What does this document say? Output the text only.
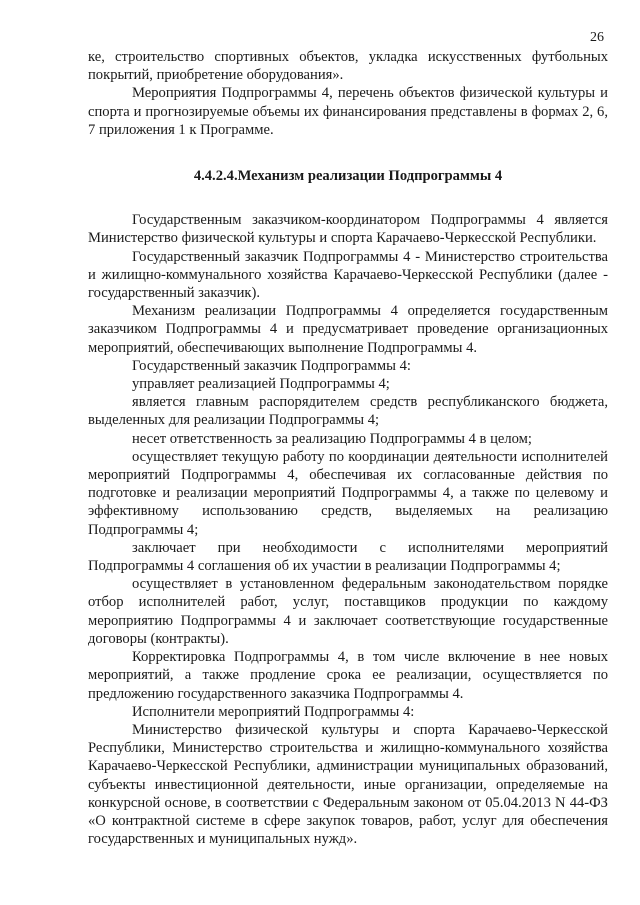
26

ке, строительство спортивных объектов, укладка искусственных футбольных покрытий, приобретение оборудования».

Мероприятия Подпрограммы 4, перечень объектов физической культуры и спорта и прогнозируемые объемы их финансирования представлены в формах 2, 6, 7 приложения 1 к Программе.

4.4.2.4.Механизм реализации Подпрограммы 4

Государственным заказчиком-координатором Подпрограммы 4 является Министерство физической культуры и спорта Карачаево-Черкесской Республики.

Государственный заказчик Подпрограммы 4 - Министерство строительства и жилищно-коммунального хозяйства Карачаево-Черкесской Республики (далее - государственный заказчик).

Механизм реализации Подпрограммы 4 определяется государственным заказчиком Подпрограммы 4 и предусматривает проведение организационных мероприятий, обеспечивающих выполнение Подпрограммы 4.

Государственный заказчик Подпрограммы 4:

управляет реализацией Подпрограммы 4;

является главным распорядителем средств республиканского бюджета, выделенных для реализации Подпрограммы 4;

несет ответственность за реализацию Подпрограммы 4 в целом;

осуществляет текущую работу по координации деятельности исполнителей мероприятий Подпрограммы 4, обеспечивая их согласованные действия по подготовке и реализации мероприятий Подпрограммы 4, а также по целевому и эффективному использованию средств, выделяемых на реализацию Подпрограммы 4;

заключает при необходимости с исполнителями мероприятий Подпрограммы 4 соглашения об их участии в реализации Подпрограммы 4;

осуществляет в установленном федеральным законодательством порядке отбор исполнителей работ, услуг, поставщиков продукции по каждому мероприятию Подпрограммы 4 и заключает соответствующие государственные договоры (контракты).

Корректировка Подпрограммы 4, в том числе включение в нее новых мероприятий, а также продление срока ее реализации, осуществляется по предложению государственного заказчика Подпрограммы 4.

Исполнители мероприятий Подпрограммы 4:

Министерство физической культуры и спорта Карачаево-Черкесской Республики, Министерство строительства и жилищно-коммунального хозяйства Карачаево-Черкесской Республики, администрации муниципальных образований, субъекты инвестиционной деятельности, иные организации, определяемые на конкурсной основе, в соответствии с Федеральным законом от 05.04.2013 N 44-ФЗ «О контрактной системе в сфере закупок товаров, работ, услуг для обеспечения государственных и муниципальных нужд».
